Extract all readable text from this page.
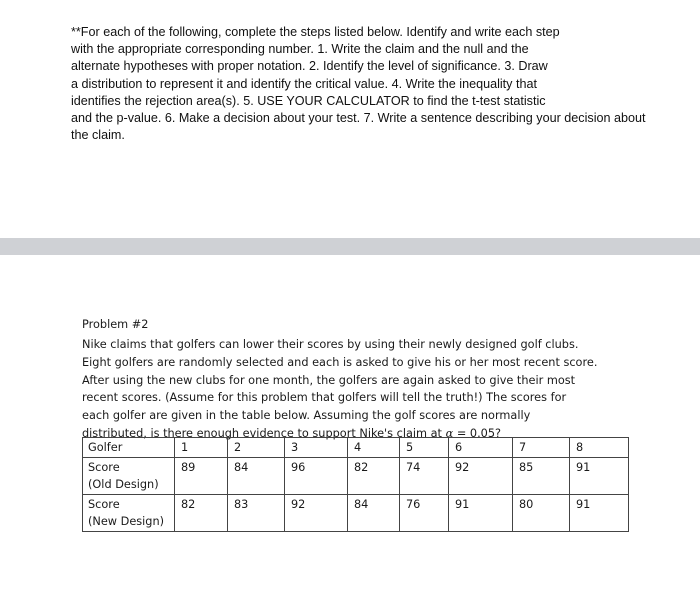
**For each of the following, complete the steps listed below. Identify and write each step
with the appropriate corresponding number. 1. Write the claim and the null and the
alternate hypotheses with proper notation. 2. Identify the level of significance. 3. Draw
a distribution to represent it and identify the critical value. 4. Write the inequality that
identifies the rejection area(s). 5. USE YOUR CALCULATOR to find the t-test statistic
and the p-value. 6. Make a decision about your test. 7. Write a sentence describing your decision about
the claim.

Problem #2

Nike claims that golfers can lower their scores by using their newly designed golf clubs.
Eight golfers are randomly selected and each is asked to give his or her most recent score.
After using the new clubs for one month, the golfers are again asked to give their most
recent scores. (Assume for this problem that golfers will tell the truth!) The scores for
each golfer are given in the table below. Assuming the golf scores are normally
distributed, is there enough evidence to support Nike's claim at α = 0.05?

Golfer	1	2	3	4	5	6	7	8
Score
(Old Design)	89	84	96	82	74	92	85	91
Score
(New Design)	82	83	92	84	76	91	80	91
